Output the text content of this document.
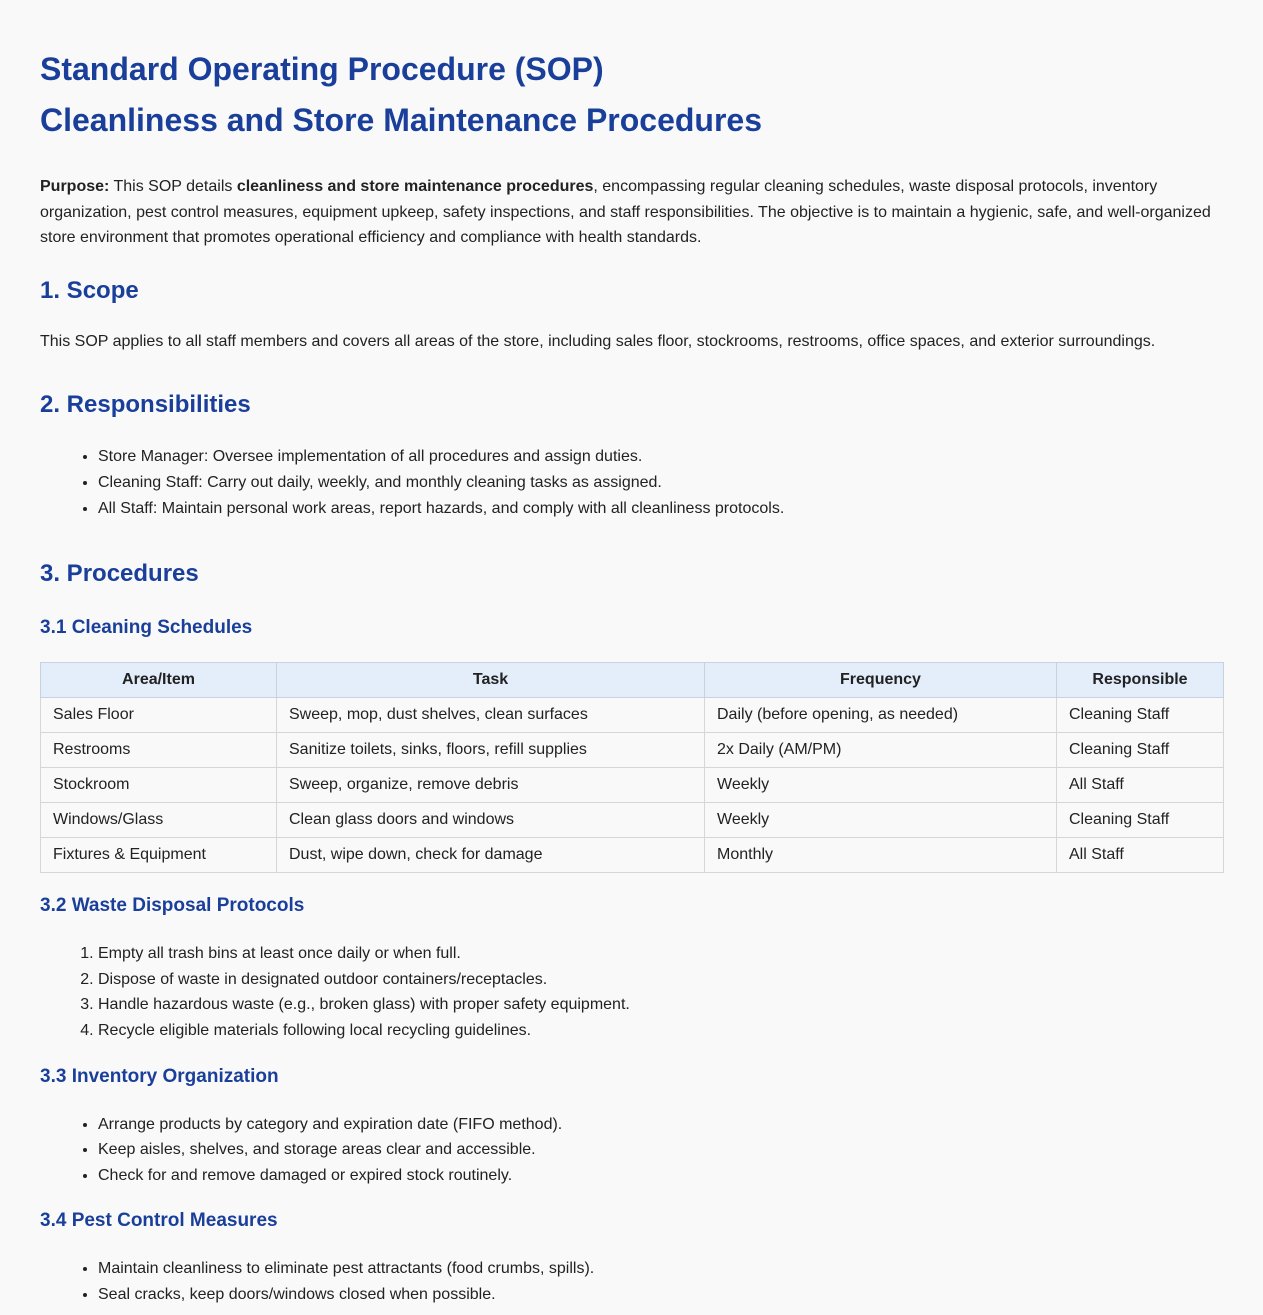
Standard Operating Procedure (SOP)
Cleanliness and Store Maintenance Procedures

Purpose: This SOP details cleanliness and store maintenance procedures, encompassing regular cleaning schedules, waste disposal protocols, inventory organization, pest control measures, equipment upkeep, safety inspections, and staff responsibilities. The objective is to maintain a hygienic, safe, and well-organized store environment that promotes operational efficiency and compliance with health standards.

1. Scope

This SOP applies to all staff members and covers all areas of the store, including sales floor, stockrooms, restrooms, office spaces, and exterior surroundings.

2. Responsibilities
• Store Manager: Oversee implementation of all procedures and assign duties.
• Cleaning Staff: Carry out daily, weekly, and monthly cleaning tasks as assigned.
• All Staff: Maintain personal work areas, report hazards, and comply with all cleanliness protocols.
3. Procedures
3.1 Cleaning Schedules
Area/Item	Task	Frequency	Responsible
Sales Floor	Sweep, mop, dust shelves, clean surfaces	Daily (before opening, as needed)	Cleaning Staff
Restrooms	Sanitize toilets, sinks, floors, refill supplies	2x Daily (AM/PM)	Cleaning Staff
Stockroom	Sweep, organize, remove debris	Weekly	All Staff
Windows/Glass	Clean glass doors and windows	Weekly	Cleaning Staff
Fixtures & Equipment	Dust, wipe down, check for damage	Monthly	All Staff
3.2 Waste Disposal Protocols
1. Empty all trash bins at least once daily or when full.
2. Dispose of waste in designated outdoor containers/receptacles.
3. Handle hazardous waste (e.g., broken glass) with proper safety equipment.
4. Recycle eligible materials following local recycling guidelines.
3.3 Inventory Organization
• Arrange products by category and expiration date (FIFO method).
• Keep aisles, shelves, and storage areas clear and accessible.
• Check for and remove damaged or expired stock routinely.
3.4 Pest Control Measures
• Maintain cleanliness to eliminate pest attractants (food crumbs, spills).
• Seal cracks, keep doors/windows closed when possible.
